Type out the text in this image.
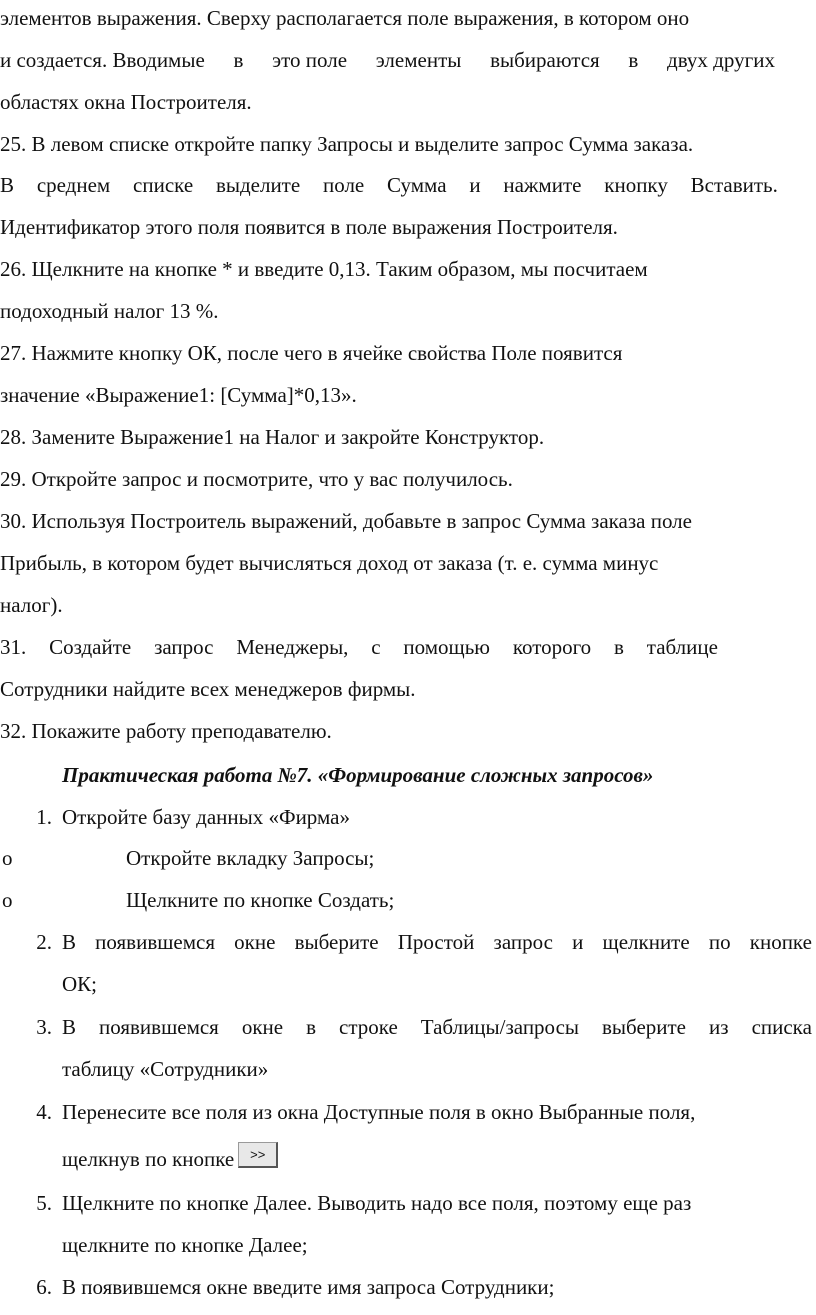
элементов выражения. Сверху располагается поле выражения, в котором оно
и создается. Вводимые в это поле элементы выбираются в двух других
областях окна Построителя.
25. В левом списке откройте папку Запросы и выделите запрос Сумма заказа.
В среднем списке выделите поле Сумма и нажмите кнопку Вставить.
Идентификатор этого поля появится в поле выражения Построителя.
26. Щелкните на кнопке * и введите 0,13. Таким образом, мы посчитаем
подоходный налог 13 %.
27. Нажмите кнопку ОК, после чего в ячейке свойства Поле появится
значение «Выражение1: [Сумма]*0,13».
28. Замените Выражение1 на Налог и закройте Конструктор.
29. Откройте запрос и посмотрите, что у вас получилось.
30. Используя Построитель выражений, добавьте в запрос Сумма заказа поле
Прибыль, в котором будет вычисляться доход от заказа (т. е. сумма минус
налог).
31. Создайте запрос Менеджеры, с помощью которого в таблице
Сотрудники найдите всех менеджеров фирмы.
32. Покажите работу преподавателю.
Практическая работа №7. «Формирование сложных запросов»
1. Откройте базу данных «Фирма»
o	Откройте вкладку Запросы;
o	Щелкните по кнопке Создать;
2. В появившемся окне выберите Простой запрос и щелкните по кнопке
ОК;
3. В появившемся окне в строке Таблицы/запросы выберите из списка
таблицу «Сотрудники»
4. Перенесите все поля из окна Доступные поля в окно Выбранные поля,
щелкнув по кнопке >>
5. Щелкните по кнопке Далее. Выводить надо все поля, поэтому еще раз
щелкните по кнопке Далее;
6. В появившемся окне введите имя запроса Сотрудники;
